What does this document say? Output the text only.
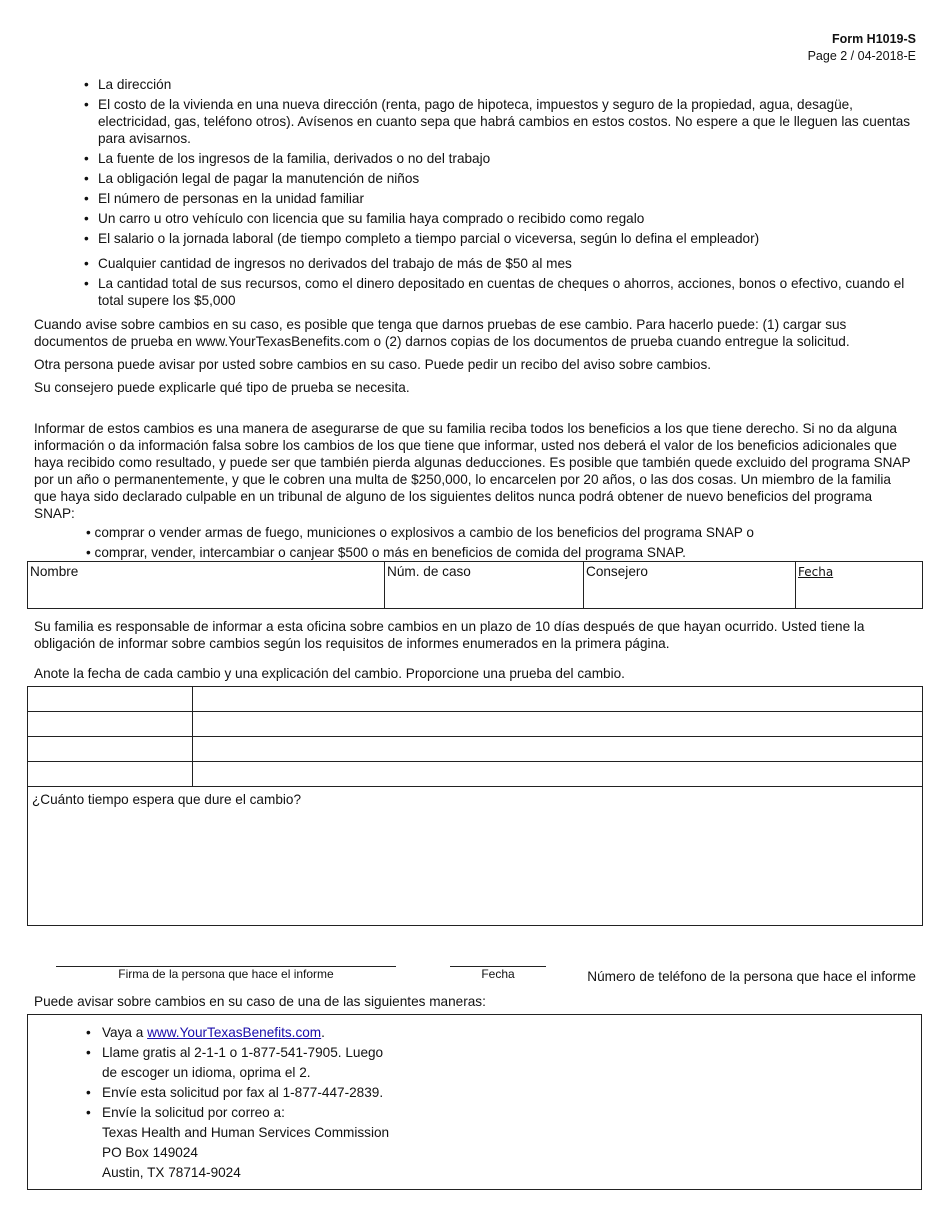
Form H1019-S
Page 2 / 04-2018-E
• La dirección
• El costo de la vivienda en una nueva dirección (renta, pago de hipoteca, impuestos y seguro de la propiedad, agua, desagüe, electricidad, gas, teléfono otros). Avísenos en cuanto sepa que habrá cambios en estos costos. No espere a que le lleguen las cuentas para avisarnos.
• La fuente de los ingresos de la familia, derivados o no del trabajo
• La obligación legal de pagar la manutención de niños
• El número de personas en la unidad familiar
• Un carro u otro vehículo con licencia que su familia haya comprado o recibido como regalo
• El salario o la jornada laboral (de tiempo completo a tiempo parcial o viceversa, según lo defina el empleador)
• Cualquier cantidad de ingresos no derivados del trabajo de más de $50 al mes
• La cantidad total de sus recursos, como el dinero depositado en cuentas de cheques o ahorros, acciones, bonos o efectivo, cuando el total supere los $5,000
Cuando avise sobre cambios en su caso, es posible que tenga que darnos pruebas de ese cambio. Para hacerlo puede: (1) cargar sus documentos de prueba en www.YourTexasBenefits.com o (2) darnos copias de los documentos de prueba cuando entregue la solicitud.
Otra persona puede avisar por usted sobre cambios en su caso. Puede pedir un recibo del aviso sobre cambios.
Su consejero puede explicarle qué tipo de prueba se necesita.
Informar de estos cambios es una manera de asegurarse de que su familia reciba todos los beneficios a los que tiene derecho. Si no da alguna información o da información falsa sobre los cambios de los que tiene que informar, usted nos deberá el valor de los beneficios adicionales que haya recibido como resultado, y puede ser que también pierda algunas deducciones. Es posible que también quede excluido del programa SNAP por un año o permanentemente, y que le cobren una multa de $250,000, lo encarcelen por 20 años, o las dos cosas. Un miembro de la familia que haya sido declarado culpable en un tribunal de alguno de los siguientes delitos nunca podrá obtener de nuevo beneficios del programa SNAP:
• comprar o vender armas de fuego, municiones o explosivos a cambio de los beneficios del programa SNAP o
• comprar, vender, intercambiar o canjear $500 o más en beneficios de comida del programa SNAP.
Nombre	Núm. de caso	Consejero	Fecha
Su familia es responsable de informar a esta oficina sobre cambios en un plazo de 10 días después de que hayan ocurrido. Usted tiene la obligación de informar sobre cambios según los requisitos de informes enumerados en la primera página.
Anote la fecha de cada cambio y una explicación del cambio. Proporcione una prueba del cambio.

¿Cuánto tiempo espera que dure el cambio?	
Firma de la persona que hace el informe	Fecha	Número de teléfono de la persona que hace el informe
Puede avisar sobre cambios en su caso de una de las siguientes maneras:
• Vaya a www.YourTexasBenefits.com.
• Llame gratis al 2-1-1 o 1-877-541-7905. Luego
de escoger un idioma, oprima el 2.
• Envíe esta solicitud por fax al 1-877-447-2839.
• Envíe la solicitud por correo a:
Texas Health and Human Services Commission
PO Box 149024
Austin, TX 78714-9024
